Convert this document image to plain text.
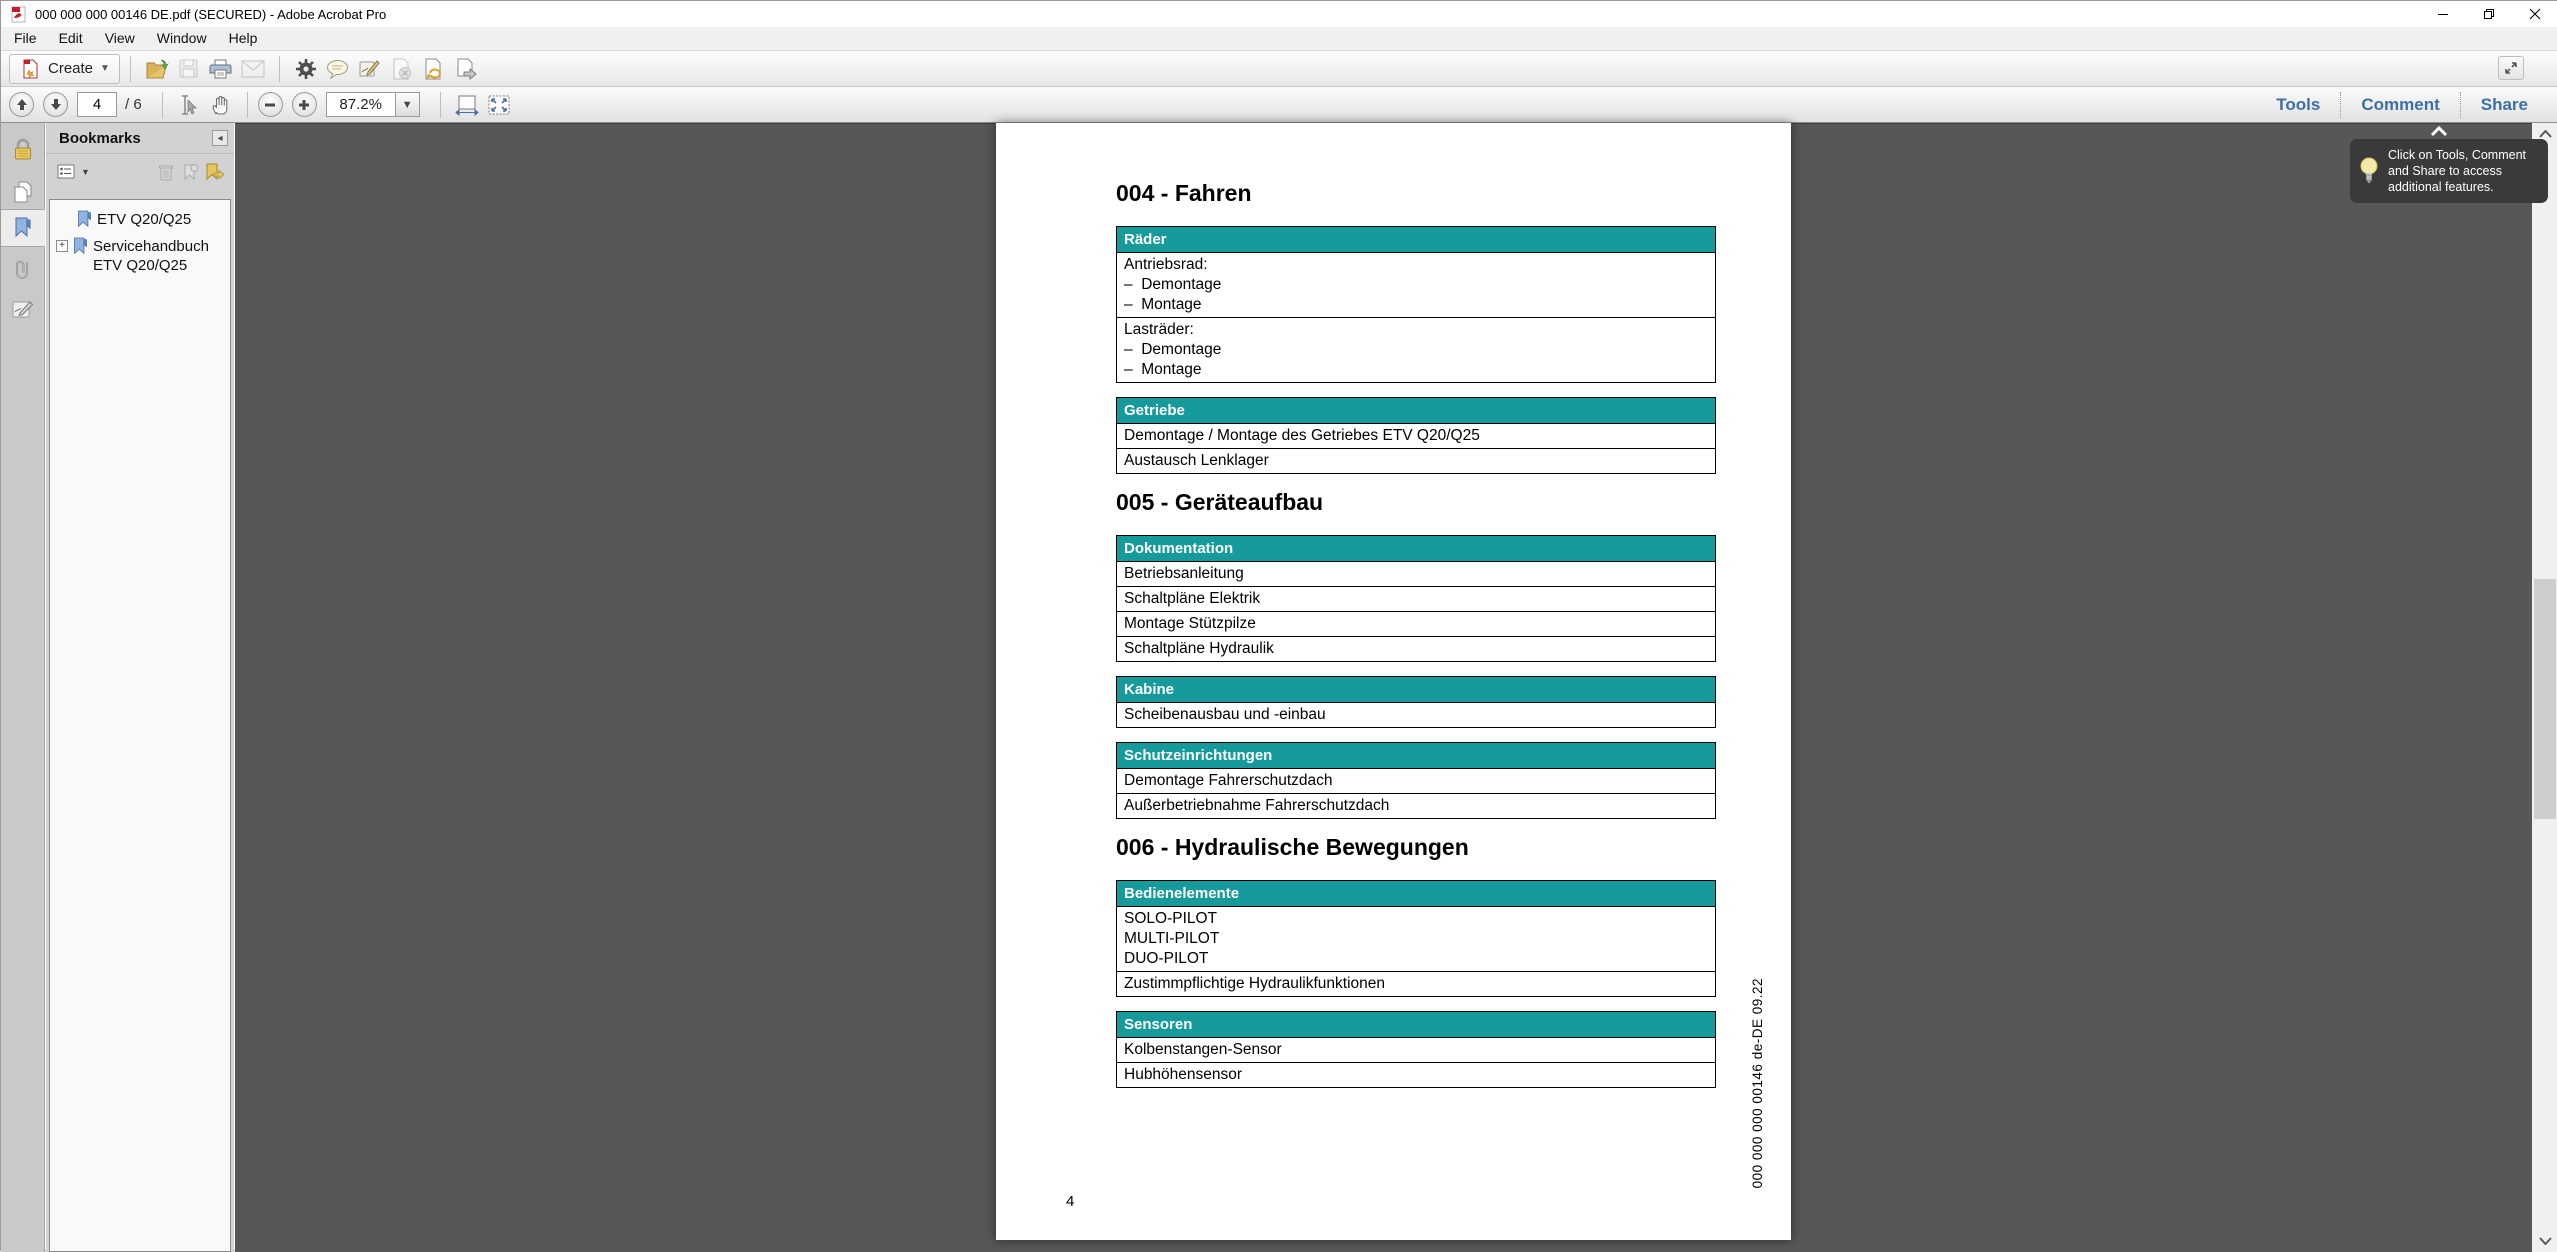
000 000 000 00146 DE.pdf (SECURED) - Adobe Acrobat Pro
File	Edit	View	Window	Help
Create ▼
4
/ 6	87.2%	▼	Tools	Comment	Share
Bookmarks	◂
▼
ETV Q20/Q25
+ Servicehandbuch ETV Q20/Q25
004 - Fahren
Räder

Antriebsrad:
–  Demontage
–  Montage

Lasträder:
–  Demontage
–  Montage
Getriebe

Demontage / Montage des Getriebes ETV Q20/Q25

Austausch Lenklager
005 - Geräteaufbau
Dokumentation

Betriebsanleitung

Schaltpläne Elektrik

Montage Stützpilze

Schaltpläne Hydraulik
Kabine

Scheibenausbau und -einbau
Schutzeinrichtungen

Demontage Fahrerschutzdach

Außerbetriebnahme Fahrerschutzdach
006 - Hydraulische Bewegungen
Bedienelemente

SOLO-PILOT
MULTI-PILOT
DUO-PILOT

Zustimmpflichtige Hydraulikfunktionen
Sensoren

Kolbenstangen-Sensor

Hubhöhensensor
4
000 000 000 00146 de-DE 09.22
Click on Tools, Comment and Share to access additional features.
